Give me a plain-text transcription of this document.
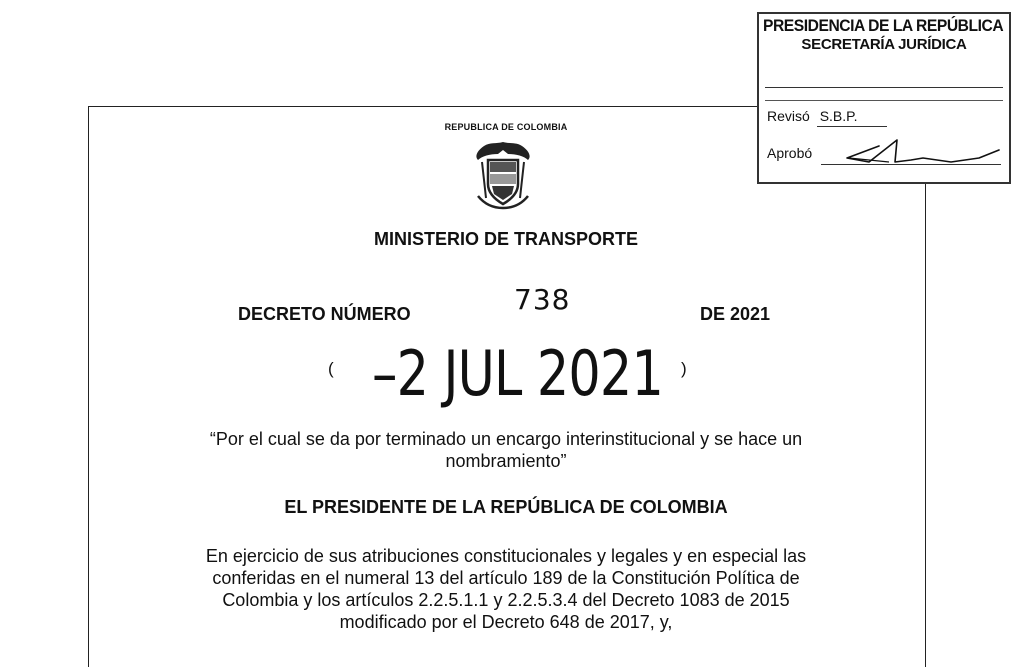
PRESIDENCIA DE LA REPÚBLICA
SECRETARÍA JURÍDICA
Revisó S.B.P.
Aprobó
REPUBLICA DE COLOMBIA
MINISTERIO DE TRANSPORTE
DECRETO NÚMERO	738	DE 2021
( –2 JUL 2021 )
“Por el cual se da por terminado un encargo interinstitucional y se hace un
nombramiento”
EL PRESIDENTE DE LA REPÚBLICA DE COLOMBIA
En ejercicio de sus atribuciones constitucionales y legales y en especial las
conferidas en el numeral 13 del artículo 189 de la Constitución Política de
Colombia y los artículos 2.2.5.1.1 y 2.2.5.3.4 del Decreto 1083 de 2015
modificado por el Decreto 648 de 2017, y,
